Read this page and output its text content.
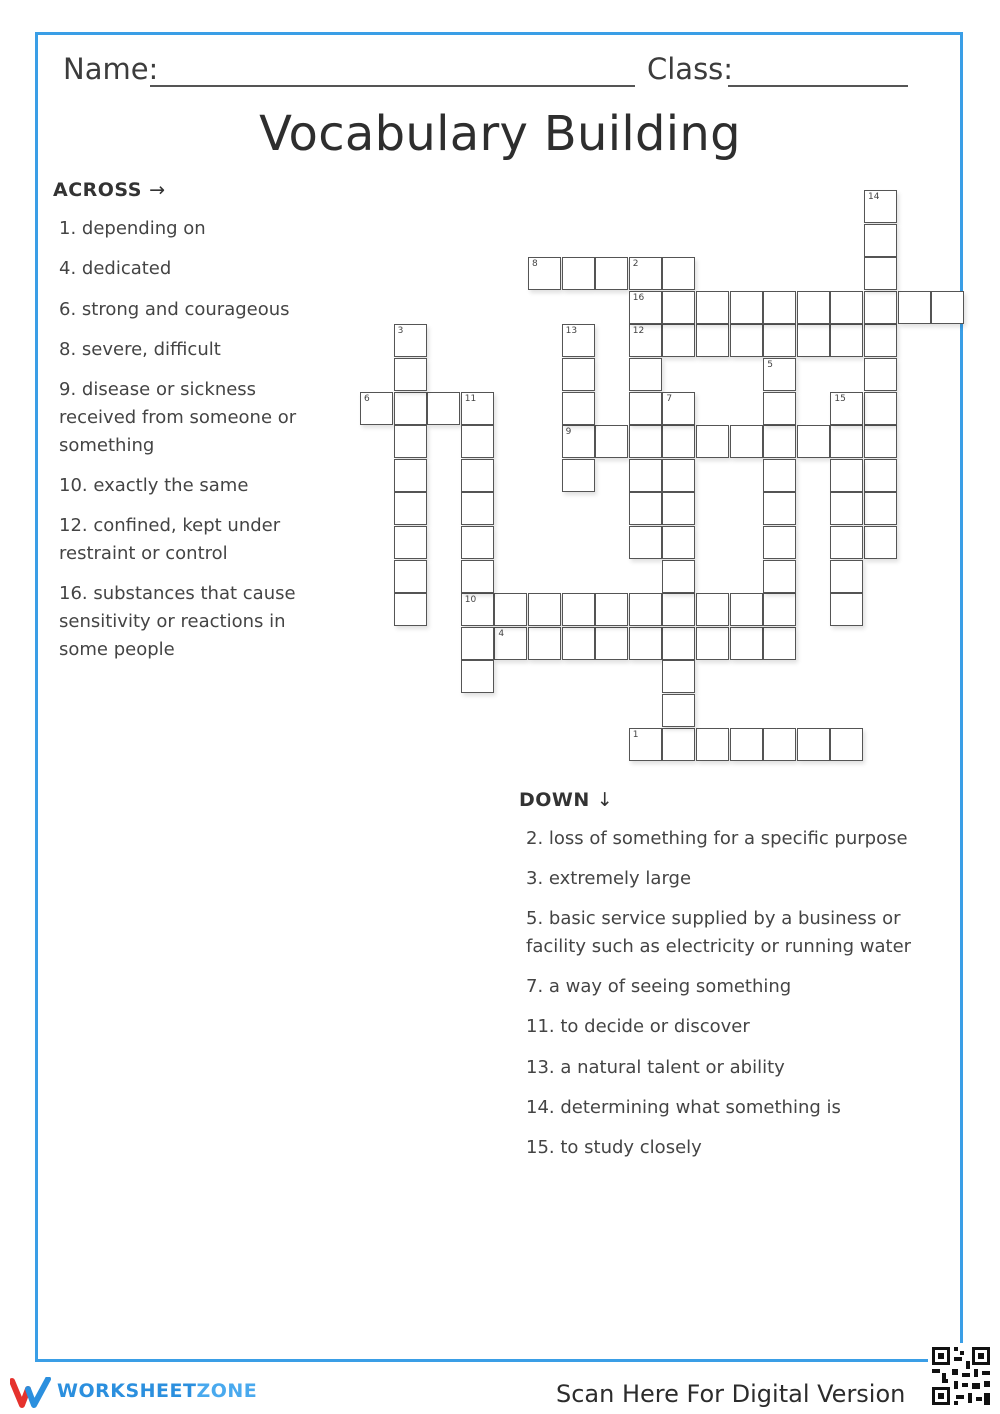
Name:	Class:
Vocabulary Building
ACROSS →
1. depending on
4. dedicated
6. strong and courageous
8. severe, difficult
9. disease or sickness received from someone or something
10. exactly the same
12. confined, kept under restraint or control
16. substances that cause sensitivity or reactions in some people
DOWN ↓
2. loss of something for a specific purpose
3. extremely large
5. basic service supplied by a business or facility such as electricity or running water
7. a way of seeing something
11. to decide or discover
13. a natural talent or ability
14. determining what something is
15. to study closely
1
4
6	11
8	2
9
10
12
16
3
5
7
13
14
15
WORKSHEETZONE	Scan Here For Digital Version
